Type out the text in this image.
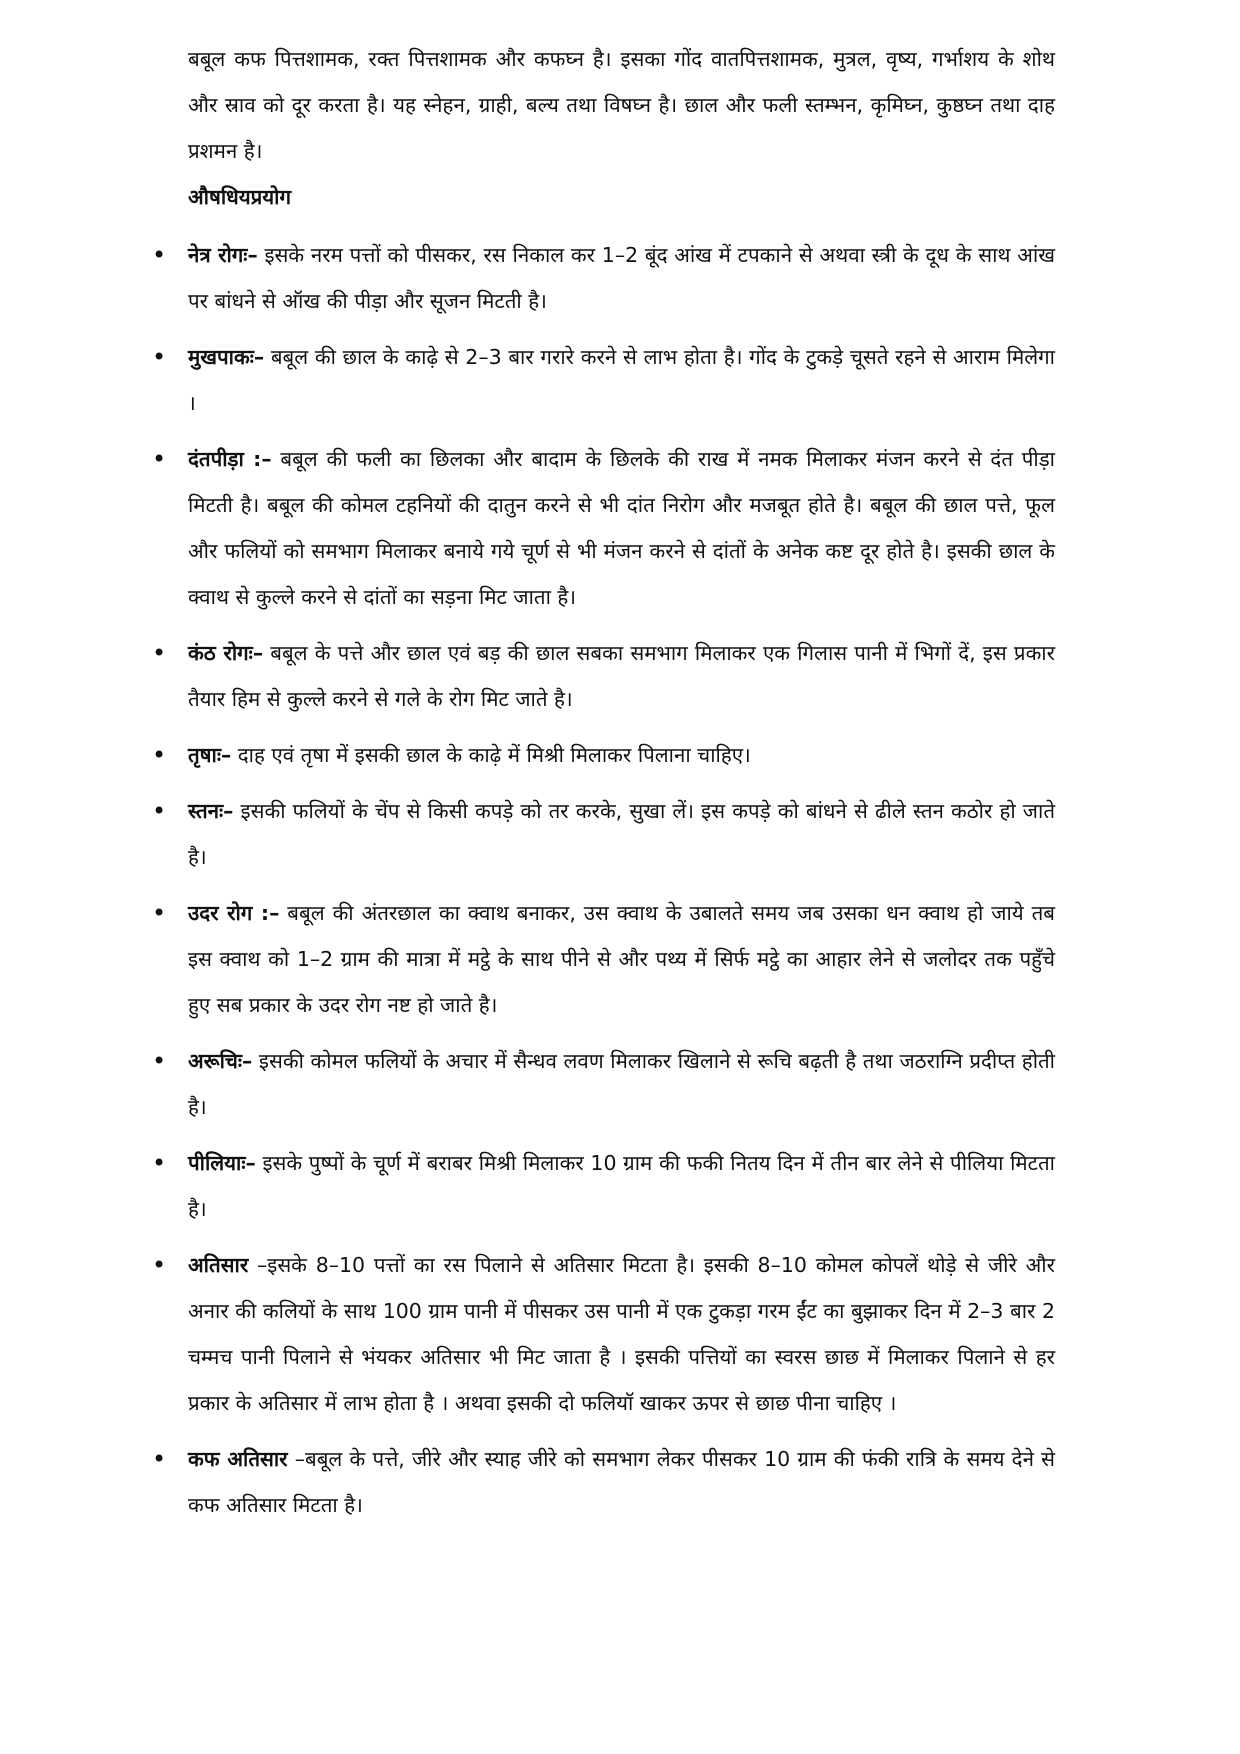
बबूल कफ पित्तशामक, रक्त पित्तशामक और कफघ्न है। इसका गोंद वातपित्तशामक, मुत्रल, वृष्य, गर्भाशय के शोथ और स्राव को दूर करता है। यह स्नेहन, ग्राही, बल्य तथा विषघ्न है। छाल और फली स्तम्भन, कृमिघ्न, कुष्ठघ्न तथा दाह प्रशमन है।

औषधियप्रयोग

• नेत्र रोगः– इसके नरम पत्तों को पीसकर, रस निकाल कर 1–2 बूंद आंख में टपकाने से अथवा स्त्री के दूध के साथ आंख पर बांधने से ऑख की पीड़ा और सूजन मिटती है।
• मुखपाकः– बबूल की छाल के काढ़े से 2–3 बार गरारे करने से लाभ होता है। गोंद के टुकड़े चूसते रहने से आराम मिलेगा ।
• दंतपीड़ा :– बबूल की फली का छिलका और बादाम के छिलके की राख में नमक मिलाकर मंजन करने से दंत पीड़ा मिटती है। बबूल की कोमल टहनियों की दातुन करने से भी दांत निरोग और मजबूत होते है। बबूल की छाल पत्ते, फूल और फलियों को समभाग मिलाकर बनाये गये चूर्ण से भी मंजन करने से दांतों के अनेक कष्ट दूर होते है। इसकी छाल के क्वाथ से कुल्ले करने से दांतों का सड़ना मिट जाता है।
• कंठ रोगः– बबूल के पत्ते और छाल एवं बड़ की छाल सबका समभाग मिलाकर एक गिलास पानी में भिगों दें, इस प्रकार तैयार हिम से कुल्ले करने से गले के रोग मिट जाते है।
• तृषाः– दाह एवं तृषा में इसकी छाल के काढ़े में मिश्री मिलाकर पिलाना चाहिए।
• स्तनः– इसकी फलियों के चेंप से किसी कपड़े को तर करके, सुखा लें। इस कपड़े को बांधने से ढीले स्तन कठोर हो जाते है।
• उदर रोग :– बबूल की अंतरछाल का क्वाथ बनाकर, उस क्वाथ के उबालते समय जब उसका धन क्वाथ हो जाये तब इस क्वाथ को 1–2 ग्राम की मात्रा में मट्ठे के साथ पीने से और पथ्य में सिर्फ मट्ठे का आहार लेने से जलोदर तक पहुँचे हुए सब प्रकार के उदर रोग नष्ट हो जाते है।
• अरूचिः– इसकी कोमल फलियों के अचार में सैन्धव लवण मिलाकर खिलाने से रूचि बढ़ती है तथा जठराग्नि प्रदीप्त होती है।
• पीलियाः– इसके पुष्पों के चूर्ण में बराबर मिश्री मिलाकर 10 ग्राम की फकी नितय दिन में तीन बार लेने से पीलिया मिटता है।
• अतिसार –इसके 8–10 पत्तों का रस पिलाने से अतिसार मिटता है। इसकी 8–10 कोमल कोपलें थोड़े से जीरे और अनार की कलियों के साथ 100 ग्राम पानी में पीसकर उस पानी में एक टुकड़ा गरम ईंट का बुझाकर दिन में 2–3 बार 2 चम्मच पानी पिलाने से भंयकर अतिसार भी मिट जाता है । इसकी पत्तियों का स्वरस छाछ में मिलाकर पिलाने से हर प्रकार के अतिसार में लाभ होता है । अथवा इसकी दो फलियॉ खाकर ऊपर से छाछ पीना चाहिए ।
• कफ अतिसार –बबूल के पत्ते, जीरे और स्याह जीरे को समभाग लेकर पीसकर 10 ग्राम की फंकी रात्रि के समय देने से कफ अतिसार मिटता है।
